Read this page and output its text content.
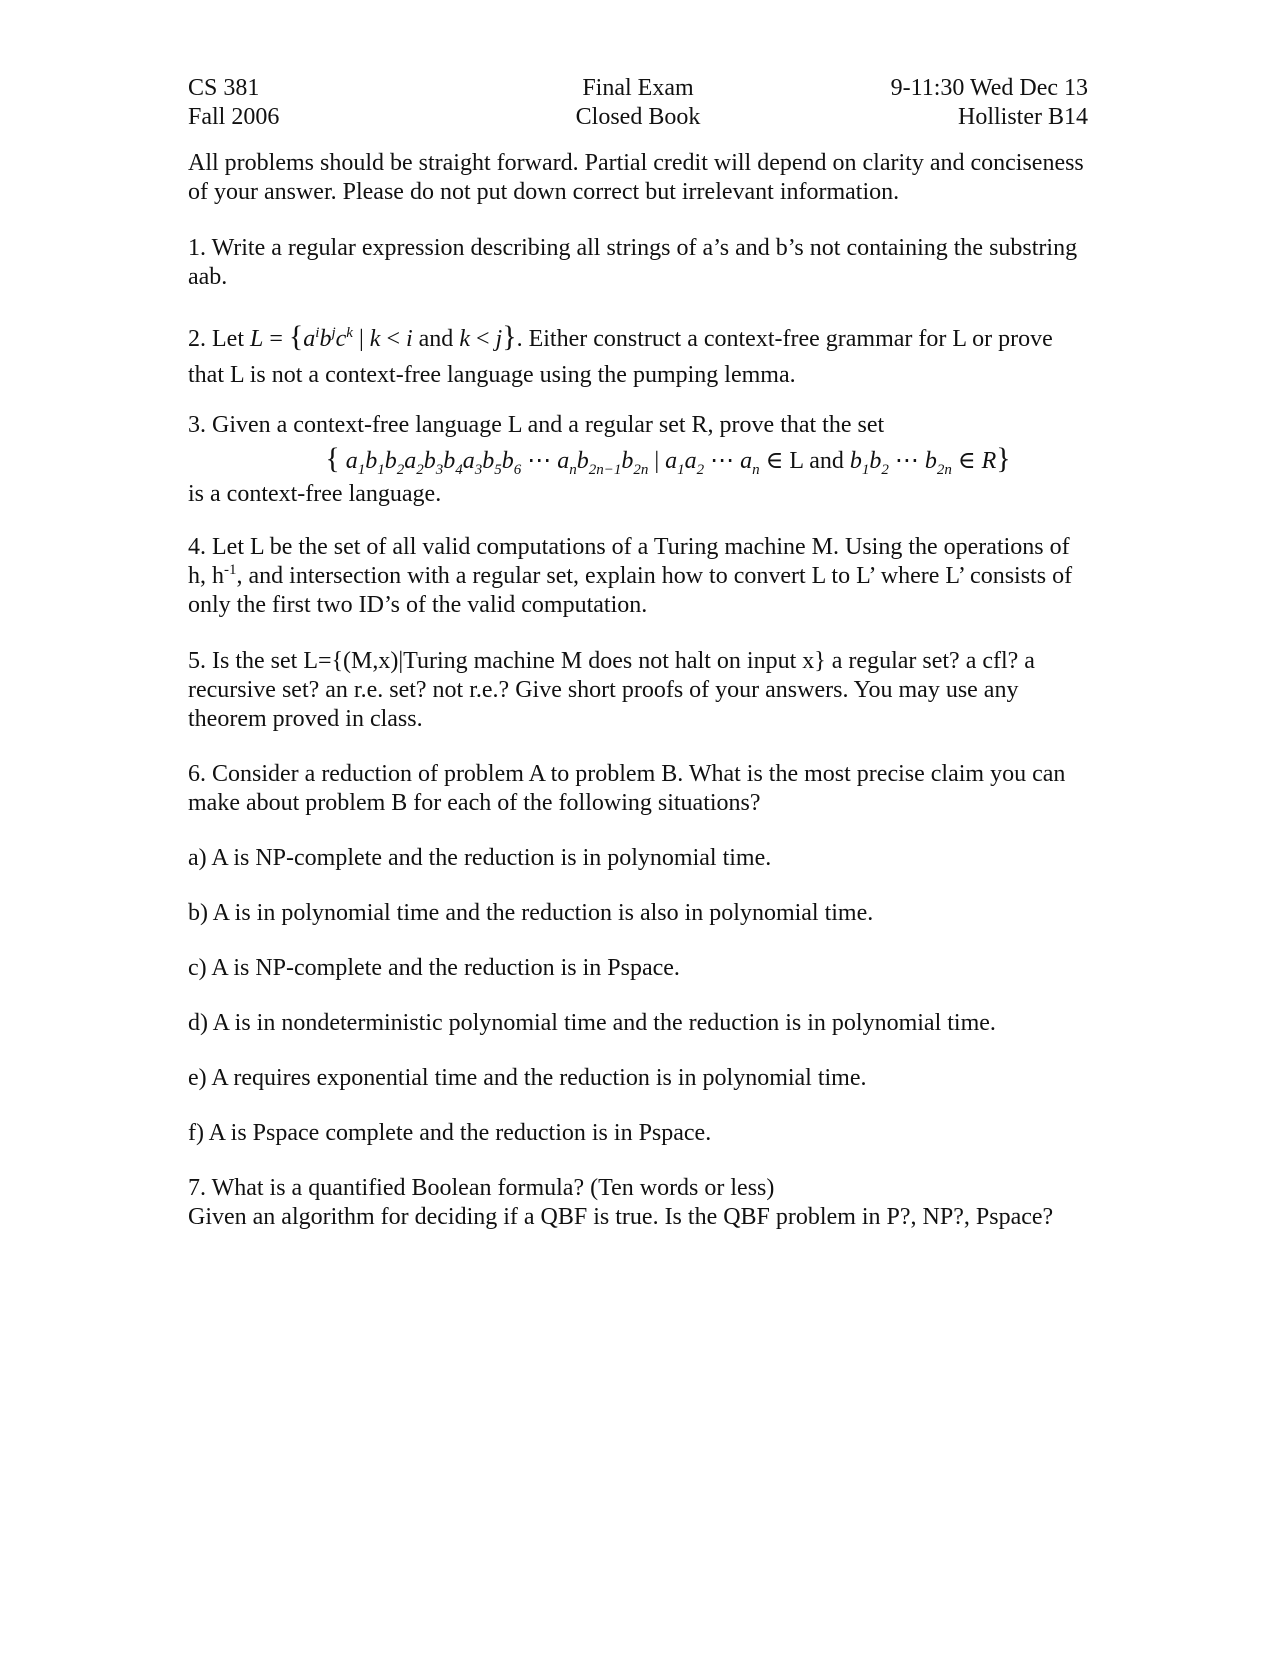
CS 381
Fall 2006
Final Exam
Closed Book
9-11:30 Wed Dec 13
Hollister B14

All problems should be straight forward. Partial credit will depend on clarity and conciseness of your answer. Please do not put down correct but irrelevant information.

1. Write a regular expression describing all strings of a’s and b’s not containing the substring aab.

2. Let $L = \{a^ib^jc^k$ | k < i and k < j}. Either construct a context-free grammar for L or prove that L is not a context-free language using the pumping lemma.

3. Given a context-free language L and a regular set R, prove that the set

{ $a_1b_1b_2a_2b_3b_4a_3b_5b_6$ ⋯ $a_nb_{2n-1}b_{2n}$ | $a_1a_2$ ⋯ $a_n$ ∈ L and $b_1b_2$ ⋯ $b_{2n}$ ∈ R}

is a context-free language.

4. Let L be the set of all valid computations of a Turing machine M. Using the operations of h, $h^{-1}$, and intersection with a regular set, explain how to convert L to L’ where L’ consists of only the first two ID’s of the valid computation.

5. Is the set L={(M,x)|Turing machine M does not halt on input x} a regular set? a cfl? a recursive set? an r.e. set? not r.e.? Give short proofs of your answers. You may use any theorem proved in class.

6. Consider a reduction of problem A to problem B. What is the most precise claim you can make about problem B for each of the following situations?

a) A is NP-complete and the reduction is in polynomial time.

b) A is in polynomial time and the reduction is also in polynomial time.

c) A is NP-complete and the reduction is in Pspace.

d) A is in nondeterministic polynomial time and the reduction is in polynomial time.

e) A requires exponential time and the reduction is in polynomial time.

f) A is Pspace complete and the reduction is in Pspace.

7. What is a quantified Boolean formula? (Ten words or less)

Given an algorithm for deciding if a QBF is true. Is the QBF problem in P?, NP?, Pspace?
